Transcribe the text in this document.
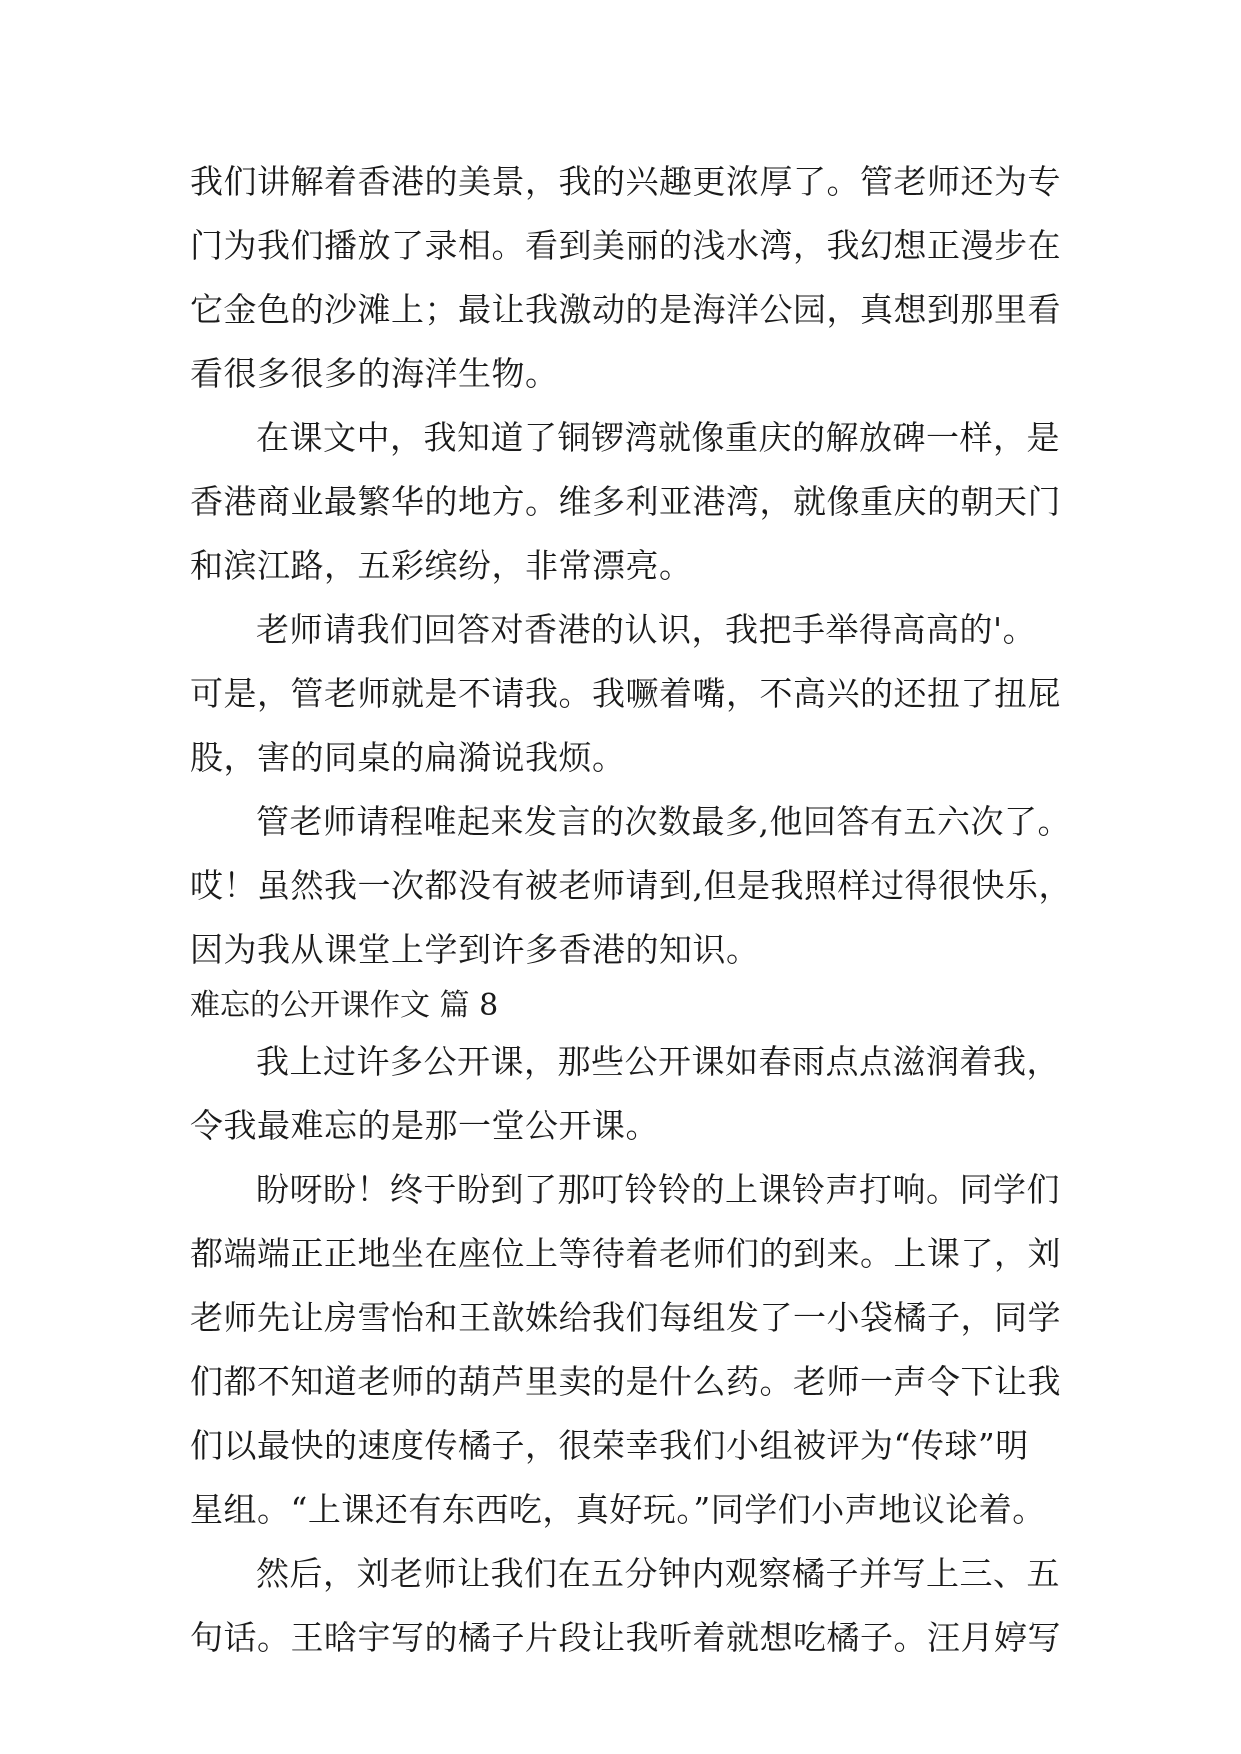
我们讲解着香港的美景，我的兴趣更浓厚了。管老师还为专
门为我们播放了录相。看到美丽的浅水湾，我幻想正漫步在
它金色的沙滩上；最让我激动的是海洋公园，真想到那里看
看很多很多的海洋生物。
在课文中，我知道了铜锣湾就像重庆的解放碑一样，是
香港商业最繁华的地方。维多利亚港湾，就像重庆的朝天门
和滨江路，五彩缤纷，非常漂亮。
老师请我们回答对香港的认识，我把手举得高高的'。
可是，管老师就是不请我。我噘着嘴，不高兴的还扭了扭屁
股，害的同桌的扁漪说我烦。
管老师请程唯起来发言的次数最多,他回答有五六次了。
哎！虽然我一次都没有被老师请到,但是我照样过得很快乐，
因为我从课堂上学到许多香港的知识。
难忘的公开课作文 篇 8
我上过许多公开课，那些公开课如春雨点点滋润着我，
令我最难忘的是那一堂公开课。
盼呀盼！终于盼到了那叮铃铃的上课铃声打响。同学们
都端端正正地坐在座位上等待着老师们的到来。上课了，刘
老师先让房雪怡和王歆姝给我们每组发了一小袋橘子，同学
们都不知道老师的葫芦里卖的是什么药。老师一声令下让我
们以最快的速度传橘子，很荣幸我们小组被评为“传球”明
星组。“上课还有东西吃，真好玩。”同学们小声地议论着。
然后，刘老师让我们在五分钟内观察橘子并写上三、五
句话。王晗宇写的橘子片段让我听着就想吃橘子。汪月婷写
